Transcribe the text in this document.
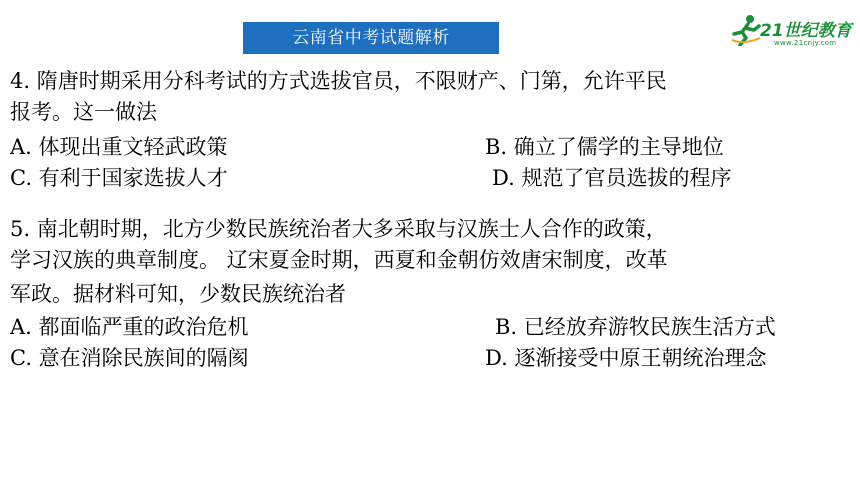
云南省中考试题解析	21世纪教育
www.21cnjy.com
4. 隋唐时期采用分科考试的方式选拔官员，不限财产、门第，允许平民
报考。这一做法
A. 体现出重文轻武政策	B. 确立了儒学的主导地位
C. 有利于国家选拔人才	D. 规范了官员选拔的程序
5. 南北朝时期，北方少数民族统治者大多采取与汉族士人合作的政策，
学习汉族的典章制度。 辽宋夏金时期，西夏和金朝仿效唐宋制度，改革
军政。据材料可知，少数民族统治者
A. 都面临严重的政治危机	B. 已经放弃游牧民族生活方式
C. 意在消除民族间的隔阂	D. 逐渐接受中原王朝统治理念
